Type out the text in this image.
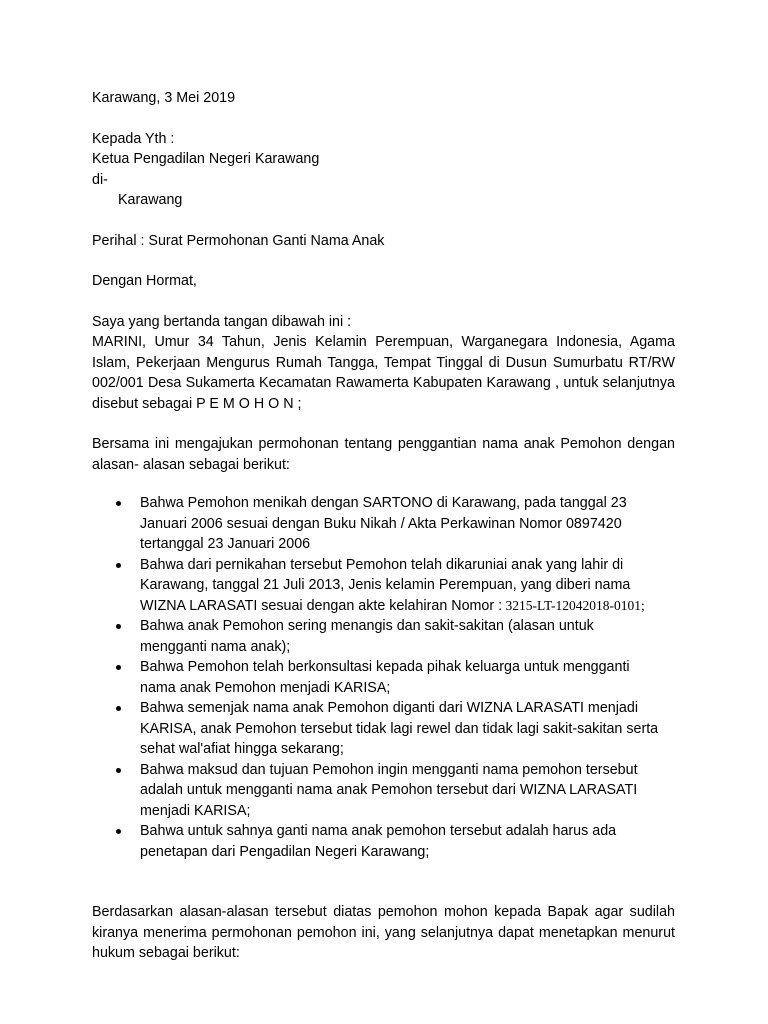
Karawang, 3 Mei 2019

Kepada Yth :

Ketua Pengadilan Negeri Karawang

di-

Karawang

Perihal : Surat Permohonan Ganti Nama Anak

Dengan Hormat,

Saya yang bertanda tangan dibawah ini :

MARINI, Umur 34 Tahun, Jenis Kelamin Perempuan, Warganegara Indonesia, Agama Islam, Pekerjaan Mengurus Rumah Tangga, Tempat Tinggal di Dusun Sumurbatu RT/RW 002/001 Desa Sukamerta Kecamatan Rawamerta Kabupaten Karawang , untuk selanjutnya disebut sebagai P E M O H O N ;

Bersama ini mengajukan permohonan tentang penggantian nama anak Pemohon dengan alasan- alasan sebagai berikut:

Bahwa Pemohon menikah dengan SARTONO di Karawang, pada tanggal 23 Januari 2006 sesuai dengan Buku Nikah / Akta Perkawinan Nomor 0897420 tertanggal 23 Januari 2006
Bahwa dari pernikahan tersebut Pemohon telah dikaruniai anak yang lahir di Karawang, tanggal 21 Juli 2013, Jenis kelamin Perempuan, yang diberi nama WIZNA LARASATI sesuai dengan akte kelahiran Nomor : 3215-LT-12042018-0101;
Bahwa anak Pemohon sering menangis dan sakit-sakitan (alasan untuk mengganti nama anak);
Bahwa Pemohon telah berkonsultasi kepada pihak keluarga untuk mengganti nama anak Pemohon menjadi KARISA;
Bahwa semenjak nama anak Pemohon diganti dari WIZNA LARASATI menjadi KARISA, anak Pemohon tersebut tidak lagi rewel dan tidak lagi sakit-sakitan serta sehat wal'afiat hingga sekarang;
Bahwa maksud dan tujuan Pemohon ingin mengganti nama pemohon tersebut adalah untuk mengganti nama anak Pemohon tersebut dari WIZNA LARASATI menjadi KARISA;
Bahwa untuk sahnya ganti nama anak pemohon tersebut adalah harus ada penetapan dari Pengadilan Negeri Karawang;

Berdasarkan alasan-alasan tersebut diatas pemohon mohon kepada Bapak agar sudilah kiranya menerima permohonan pemohon ini, yang selanjutnya dapat menetapkan menurut hukum sebagai berikut:
